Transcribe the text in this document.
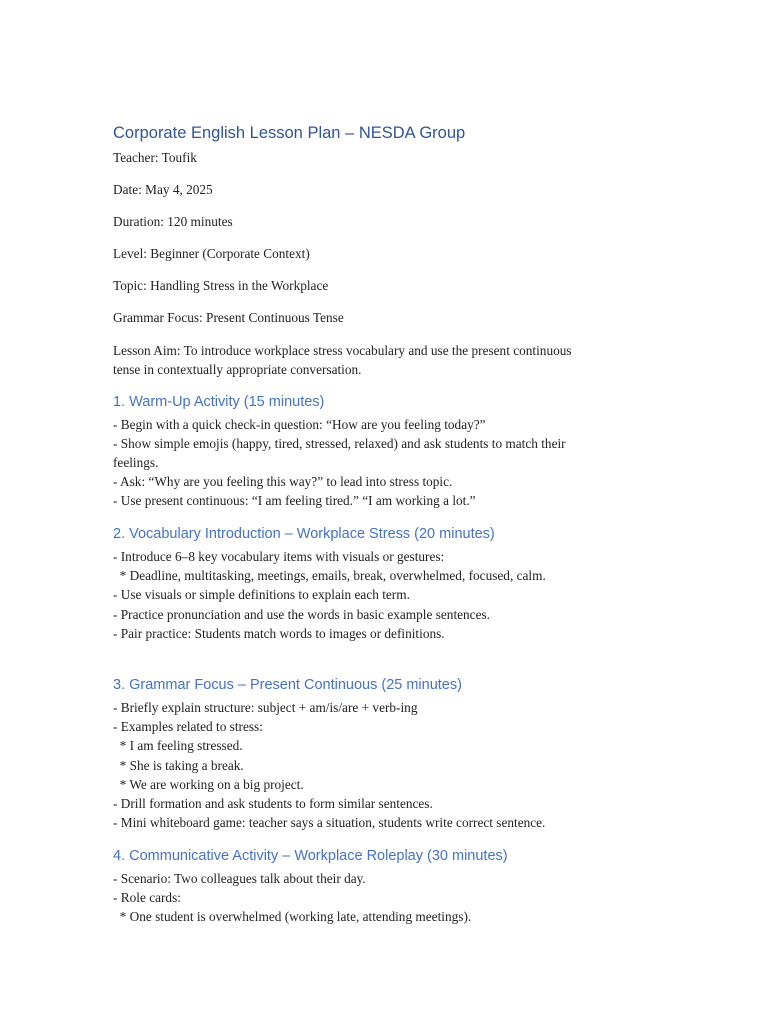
Corporate English Lesson Plan – NESDA Group

Teacher: Toufik

Date: May 4, 2025

Duration: 120 minutes

Level: Beginner (Corporate Context)

Topic: Handling Stress in the Workplace

Grammar Focus: Present Continuous Tense

Lesson Aim: To introduce workplace stress vocabulary and use the present continuous

tense in contextually appropriate conversation.

1. Warm-Up Activity (15 minutes)

- Begin with a quick check-in question: “How are you feeling today?”

- Show simple emojis (happy, tired, stressed, relaxed) and ask students to match their

feelings.

- Ask: “Why are you feeling this way?” to lead into stress topic.

- Use present continuous: “I am feeling tired.” “I am working a lot.”

2. Vocabulary Introduction – Workplace Stress (20 minutes)

- Introduce 6–8 key vocabulary items with visuals or gestures:

* Deadline, multitasking, meetings, emails, break, overwhelmed, focused, calm.

- Use visuals or simple definitions to explain each term.

- Practice pronunciation and use the words in basic example sentences.

- Pair practice: Students match words to images or definitions.

3. Grammar Focus – Present Continuous (25 minutes)

- Briefly explain structure: subject + am/is/are + verb-ing

- Examples related to stress:

* I am feeling stressed.

* She is taking a break.

* We are working on a big project.

- Drill formation and ask students to form similar sentences.

- Mini whiteboard game: teacher says a situation, students write correct sentence.

4. Communicative Activity – Workplace Roleplay (30 minutes)

- Scenario: Two colleagues talk about their day.

- Role cards:

* One student is overwhelmed (working late, attending meetings).
